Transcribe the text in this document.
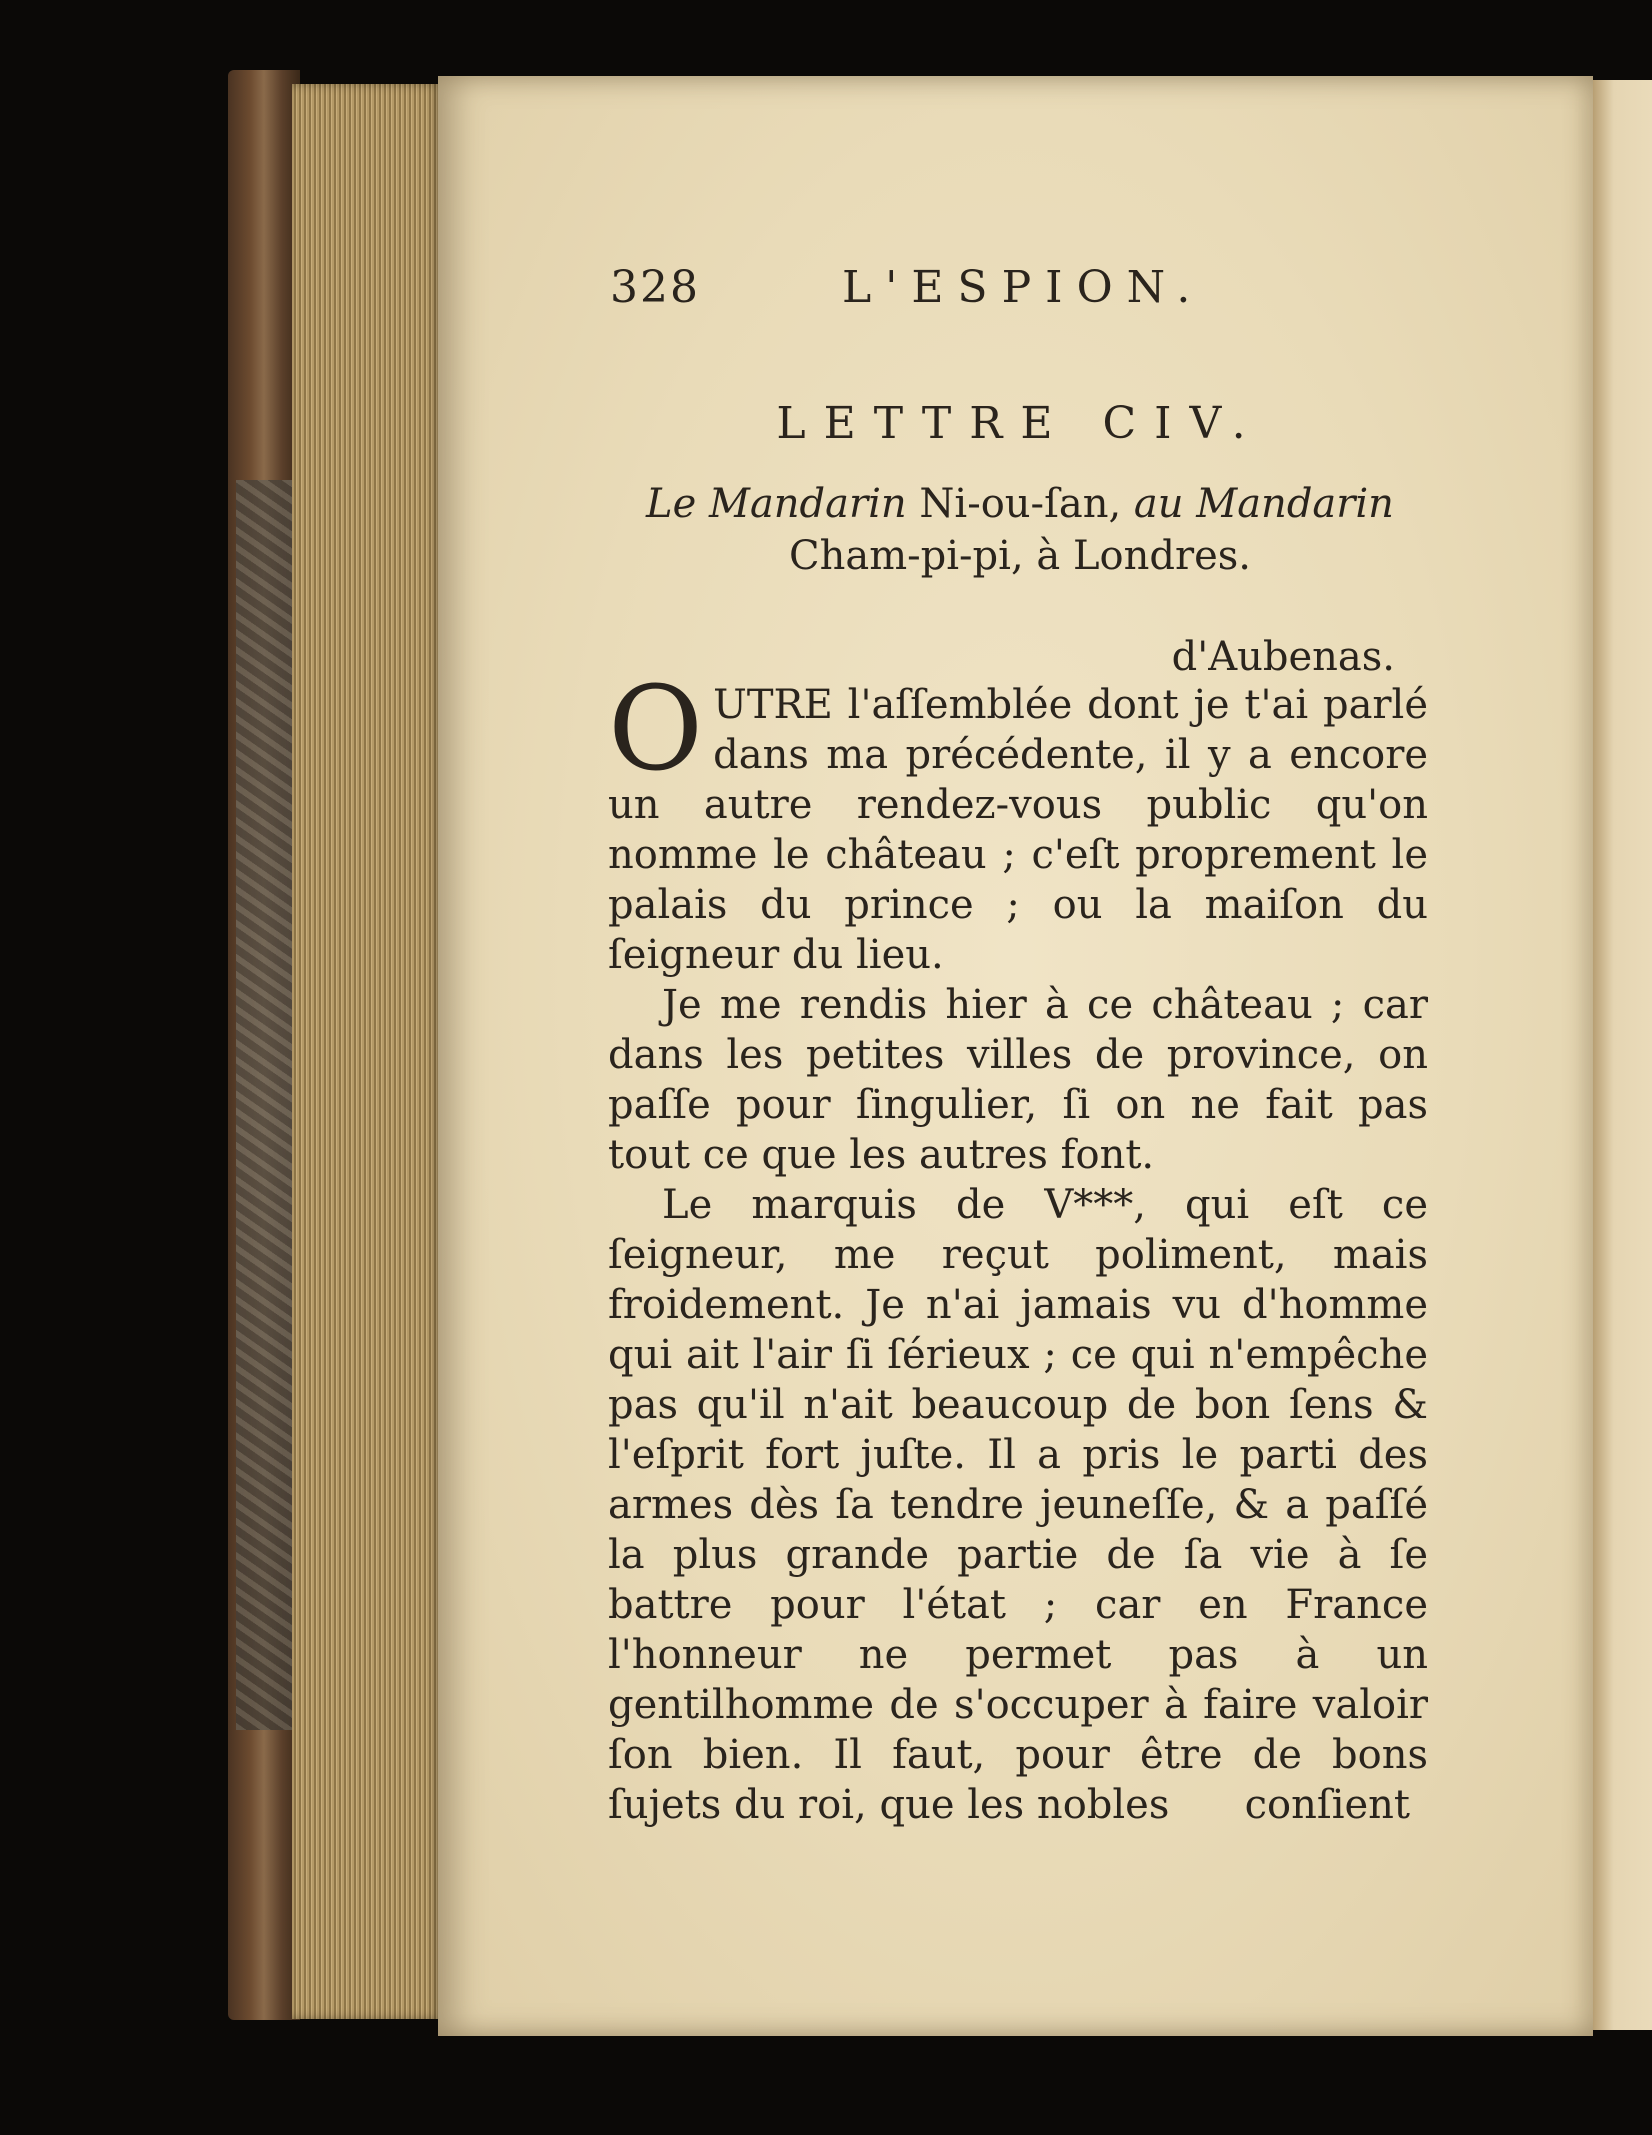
328	L'ESPION.
LETTRE CIV.
Le Mandarin Ni-ou-ſan, au Mandarin
Cham-pi-pi, à Londres.
d'Aubenas.

OUTRE l'aſſemblée dont je t'ai parlé dans ma précédente, il y a encore un autre rendez-vous public qu'on nomme le château ; c'eſt proprement le palais du prince ; ou la maiſon du ſeigneur du lieu.

Je me rendis hier à ce château ; car dans les petites villes de province, on paſſe pour ſingulier, ſi on ne fait pas tout ce que les autres font.

Le marquis de V***, qui eſt ce ſeigneur, me reçut poliment, mais froidement. Je n'ai jamais vu d'homme qui ait l'air ſi ſérieux ; ce qui n'empêche pas qu'il n'ait beaucoup de bon ſens & l'eſprit fort juſte. Il a pris le parti des armes dès ſa tendre jeuneſſe, & a paſſé la plus grande partie de ſa vie à ſe battre pour l'état ; car en France l'honneur ne permet pas à un gentilhomme de s'occuper à faire valoir ſon bien. Il faut, pour être de bons ſujets du roi, que les nobles	conſient
